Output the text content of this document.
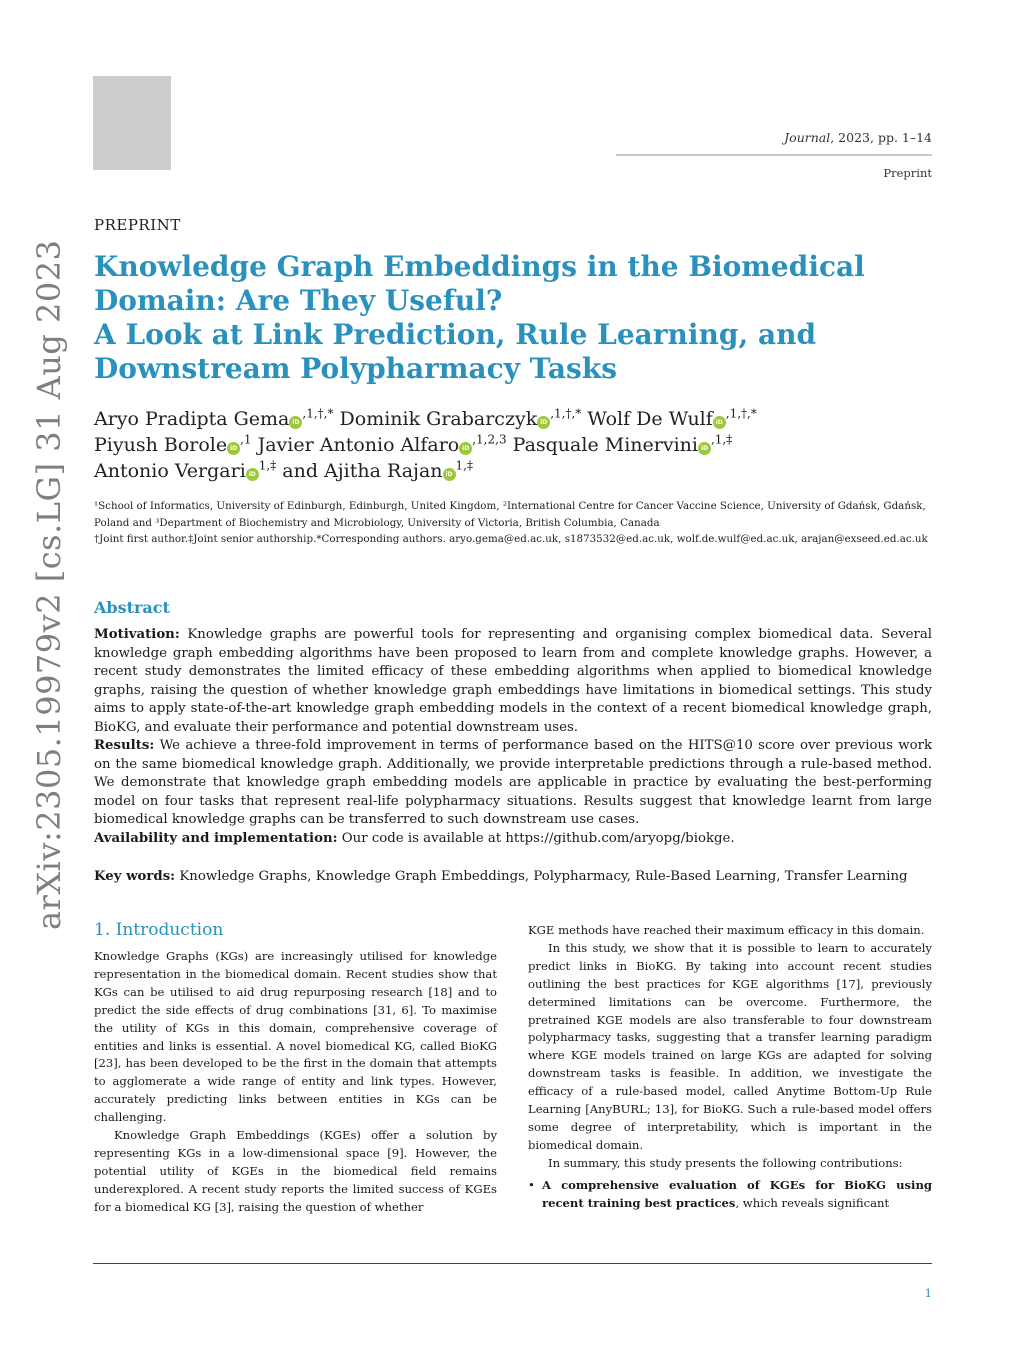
Journal, 2023, pp. 1–14
Preprint
arXiv:2305.19979v2 [cs.LG] 31 Aug 2023
PREPRINT
Knowledge Graph Embeddings in the Biomedical
Domain: Are They Useful?
A Look at Link Prediction, Rule Learning, and
Downstream Polypharmacy Tasks
Aryo Pradipta Gema $iD^{,1,\dagger,*}$ Dominik Grabarczyk $iD^{,1,\dagger,*}$ Wolf De Wulf $iD^{,1,\dagger,*}$
Piyush Borole $iD^{,1}$ Javier Antonio Alfaro $iD^{,1,2,3}$ Pasquale Minervini $iD^{,1,\ddagger}$
Antonio Vergari $iD^{1,\ddagger}$ and Ajitha Rajan $iD^{1,\ddagger}$

¹School of Informatics, University of Edinburgh, Edinburgh, United Kingdom, ²International Centre for Cancer Vaccine Science, University of Gdańsk, Gdańsk, Poland and ³Department of Biochemistry and Microbiology, University of Victoria, British Columbia, Canada

†Joint first author.‡Joint senior authorship.*Corresponding authors. aryo.gema@ed.ac.uk, s1873532@ed.ac.uk, wolf.de.wulf@ed.ac.uk, arajan@exseed.ed.ac.uk

Abstract

Motivation: Knowledge graphs are powerful tools for representing and organising complex biomedical data. Several knowledge graph embedding algorithms have been proposed to learn from and complete knowledge graphs. However, a recent study demonstrates the limited efficacy of these embedding algorithms when applied to biomedical knowledge graphs, raising the question of whether knowledge graph embeddings have limitations in biomedical settings. This study aims to apply state-of-the-art knowledge graph embedding models in the context of a recent biomedical knowledge graph, BioKG, and evaluate their performance and potential downstream uses.

Results: We achieve a three-fold improvement in terms of performance based on the HITS@10 score over previous work on the same biomedical knowledge graph. Additionally, we provide interpretable predictions through a rule-based method. We demonstrate that knowledge graph embedding models are applicable in practice by evaluating the best-performing model on four tasks that represent real-life polypharmacy situations. Results suggest that knowledge learnt from large biomedical knowledge graphs can be transferred to such downstream use cases.

Availability and implementation: Our code is available at https://github.com/aryopg/biokge.

Key words: Knowledge Graphs, Knowledge Graph Embeddings, Polypharmacy, Rule-Based Learning, Transfer Learning
1. Introduction

Knowledge Graphs (KGs) are increasingly utilised for knowledge representation in the biomedical domain. Recent studies show that KGs can be utilised to aid drug repurposing research [18] and to predict the side effects of drug combinations [31, 6]. To maximise the utility of KGs in this domain, comprehensive coverage of entities and links is essential. A novel biomedical KG, called BioKG [23], has been developed to be the first in the domain that attempts to agglomerate a wide range of entity and link types. However, accurately predicting links between entities in KGs can be challenging.

Knowledge Graph Embeddings (KGEs) offer a solution by representing KGs in a low-dimensional space [9]. However, the potential utility of KGEs in the biomedical field remains underexplored. A recent study reports the limited success of KGEs for a biomedical KG [3], raising the question of whether

KGE methods have reached their maximum efficacy in this domain.

In this study, we show that it is possible to learn to accurately predict links in BioKG. By taking into account recent studies outlining the best practices for KGE algorithms [17], previously determined limitations can be overcome. Furthermore, the pretrained KGE models are also transferable to four downstream polypharmacy tasks, suggesting that a transfer learning paradigm where KGE models trained on large KGs are adapted for solving downstream tasks is feasible. In addition, we investigate the efficacy of a rule-based model, called Anytime Bottom-Up Rule Learning [AnyBURL; 13], for BioKG. Such a rule-based model offers some degree of interpretability, which is important in the biomedical domain.

In summary, this study presents the following contributions:

• A comprehensive evaluation of KGEs for BioKG using recent training best practices, which reveals significant
1
